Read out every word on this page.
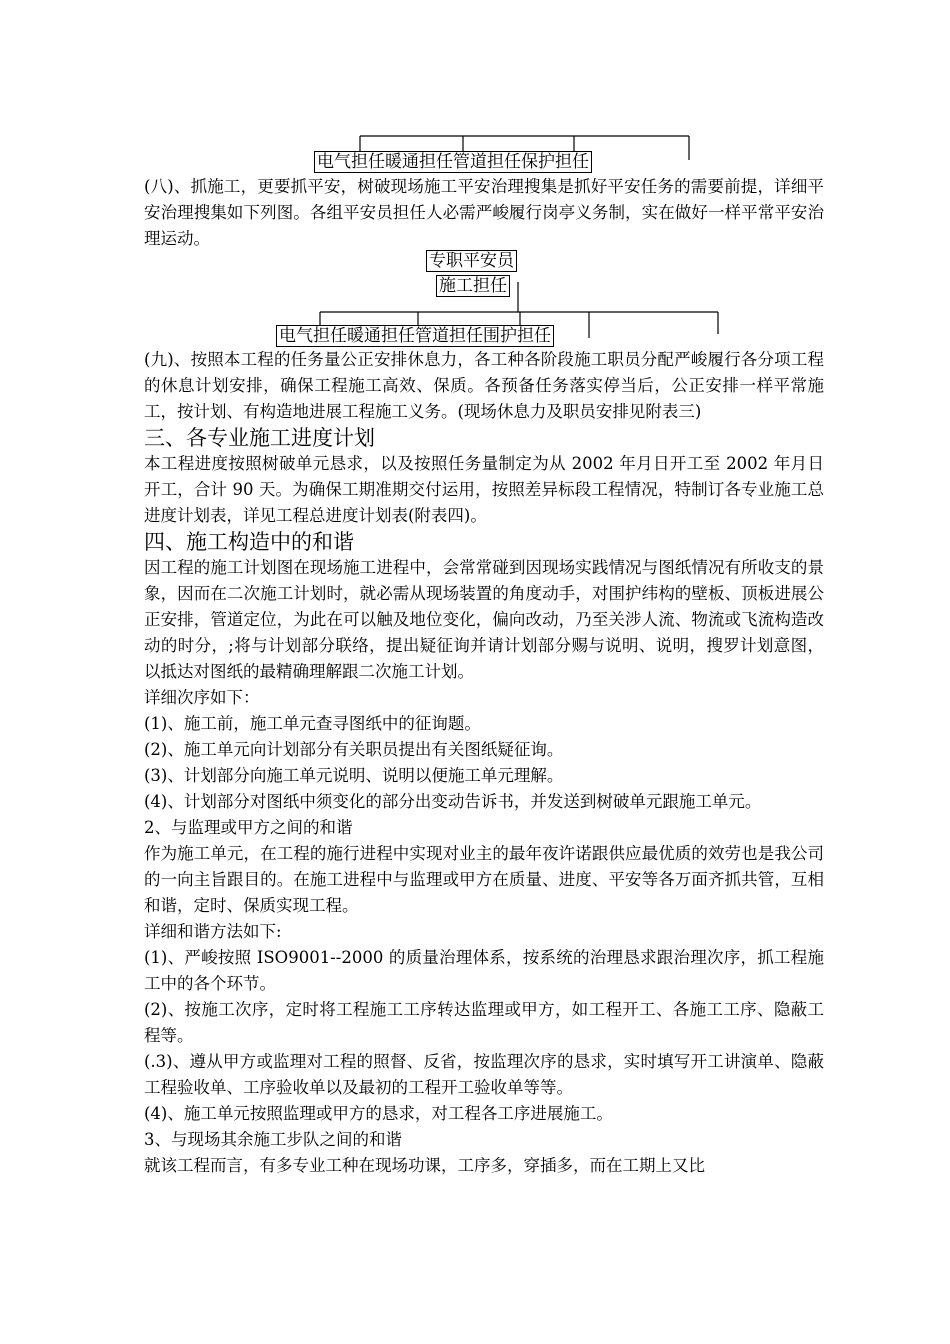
电气担任暖通担任管道担任保护担任

(八)、抓施工，更要抓平安，树破现场施工平安治理搜集是抓好平安任务的需要前提，详细平安治理搜集如下列图。各组平安员担任人必需严峻履行岗亭义务制，实在做好一样平常平安治理运动。

专职平安员
施工担任
电气担任暖通担任管道担任围护担任

(九)、按照本工程的任务量公正安排休息力，各工种各阶段施工职员分配严峻履行各分项工程的休息计划安排，确保工程施工高效、保质。各预备任务落实停当后，公正安排一样平常施工，按计划、有构造地进展工程施工义务。(现场休息力及职员安排见附表三)

三、各专业施工进度计划

本工程进度按照树破单元恳求，以及按照任务量制定为从 2002 年月日开工至 2002 年月日开工，合计 90 天。为确保工期准期交付运用，按照差异标段工程情况，特制订各专业施工总进度计划表，详见工程总进度计划表(附表四)。

四、施工构造中的和谐

因工程的施工计划图在现场施工进程中，会常常碰到因现场实践情况与图纸情况有所收支的景象，因而在二次施工计划时，就必需从现场装置的角度动手，对围护纬构的壁板、顶板进展公正安排，管道定位，为此在可以触及地位变化，偏向改动，乃至关涉人流、物流或飞流构造改动的时分，;将与计划部分联络，提出疑征询并请计划部分赐与说明、说明，搜罗计划意图，以抵达对图纸的最精确理解跟二次施工计划。

详细次序如下：

(1)、施工前，施工单元查寻图纸中的征询题。

(2)、施工单元向计划部分有关职员提出有关图纸疑征询。

(3)、计划部分向施工单元说明、说明以便施工单元理解。

(4)、计划部分对图纸中须变化的部分出变动告诉书，并发送到树破单元跟施工单元。

2、与监理或甲方之间的和谐

作为施工单元，在工程的施行进程中实现对业主的最年夜许诺跟供应最优质的效劳也是我公司的一向主旨跟目的。在施工进程中与监理或甲方在质量、进度、平安等各万面齐抓共管，互相和谐，定时、保质实现工程。

详细和谐方法如下:

(1)、严峻按照 ISO9001--2000 的质量治理体系，按系统的治理恳求跟治理次序，抓工程施工中的各个环节。

(2)、按施工次序，定时将工程施工工序转达监理或甲方，如工程开工、各施工工序、隐蔽工程等。

(.3)、遵从甲方或监理对工程的照督、反省，按监理次序的恳求，实时填写开工讲演单、隐蔽工程验收单、工序验收单以及最初的工程开工验收单等等。

(4)、施工单元按照监理或甲方的恳求，对工程各工序进展施工。

3、与现场其余施工步队之间的和谐

就该工程而言，有多专业工种在现场功课，工序多，穿插多，而在工期上又比
